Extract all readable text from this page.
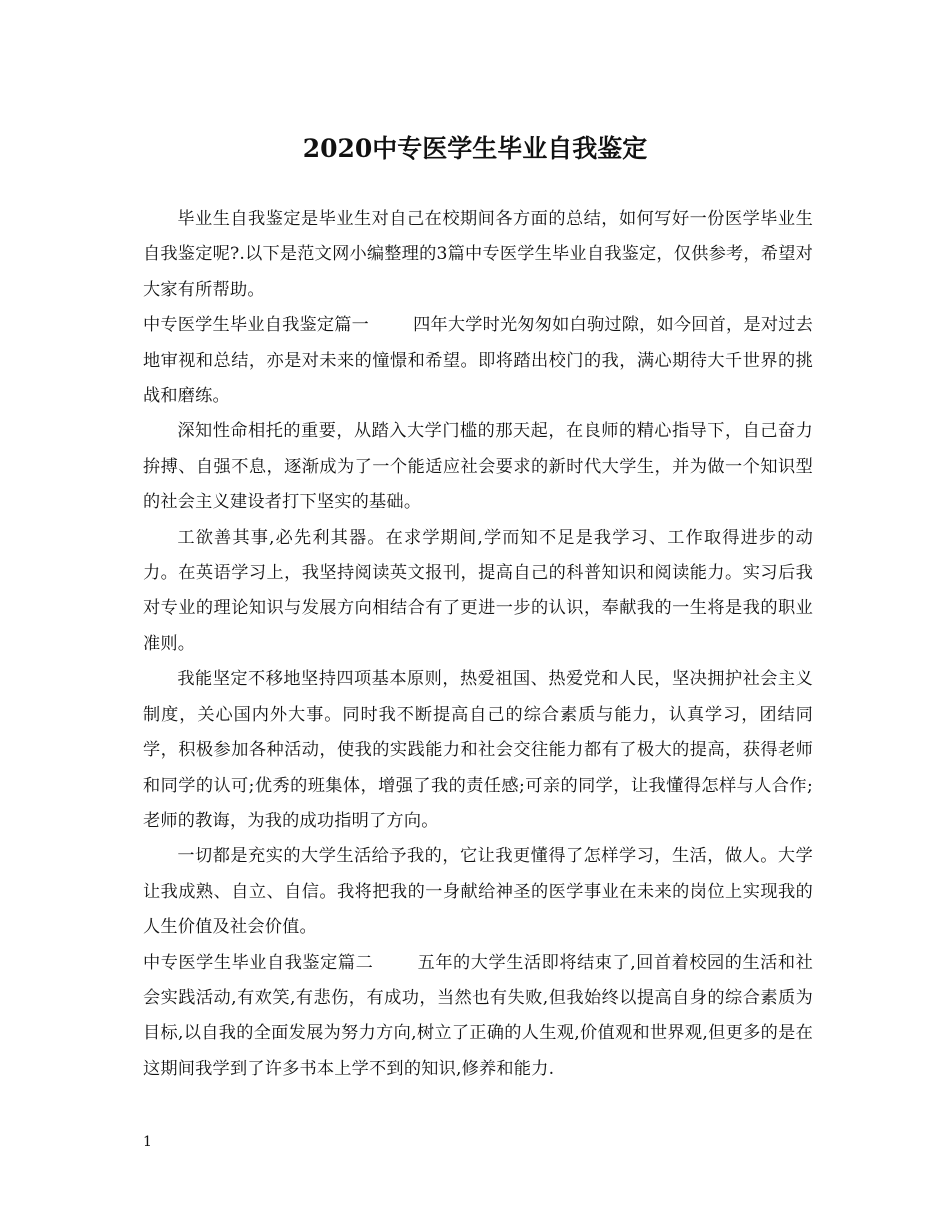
2020中专医学生毕业自我鉴定

毕业生自我鉴定是毕业生对自己在校期间各方面的总结，如何写好一份医学毕业生自我鉴定呢?.以下是范文网小编整理的3篇中专医学生毕业自我鉴定，仅供参考，希望对大家有所帮助。

中专医学生毕业自我鉴定篇一	四年大学时光匆匆如白驹过隙，如今回首，是对过去地审视和总结，亦是对未来的憧憬和希望。即将踏出校门的我，满心期待大千世界的挑战和磨练。

深知性命相托的重要，从踏入大学门槛的那天起，在良师的精心指导下，自己奋力拚搏、自强不息，逐渐成为了一个能适应社会要求的新时代大学生，并为做一个知识型的社会主义建设者打下坚实的基础。

工欲善其事,必先利其器。在求学期间,学而知不足是我学习、工作取得进步的动力。在英语学习上，我坚持阅读英文报刊，提高自己的科普知识和阅读能力。实习后我对专业的理论知识与发展方向相结合有了更进一步的认识，奉献我的一生将是我的职业准则。

我能坚定不移地坚持四项基本原则，热爱祖国、热爱党和人民，坚决拥护社会主义制度，关心国内外大事。同时我不断提高自己的综合素质与能力，认真学习，团结同学，积极参加各种活动，使我的实践能力和社会交往能力都有了极大的提高，获得老师和同学的认可;优秀的班集体，增强了我的责任感;可亲的同学，让我懂得怎样与人合作;老师的教诲，为我的成功指明了方向。

一切都是充实的大学生活给予我的，它让我更懂得了怎样学习，生活，做人。大学让我成熟、自立、自信。我将把我的一身献给神圣的医学事业在未来的岗位上实现我的人生价值及社会价值。

中专医学生毕业自我鉴定篇二	五年的大学生活即将结束了,回首着校园的生活和社会实践活动,有欢笑,有悲伤，有成功，当然也有失败,但我始终以提高自身的综合素质为目标,以自我的全面发展为努力方向,树立了正确的人生观,价值观和世界观,但更多的是在这期间我学到了许多书本上学不到的知识,修养和能力.

1
